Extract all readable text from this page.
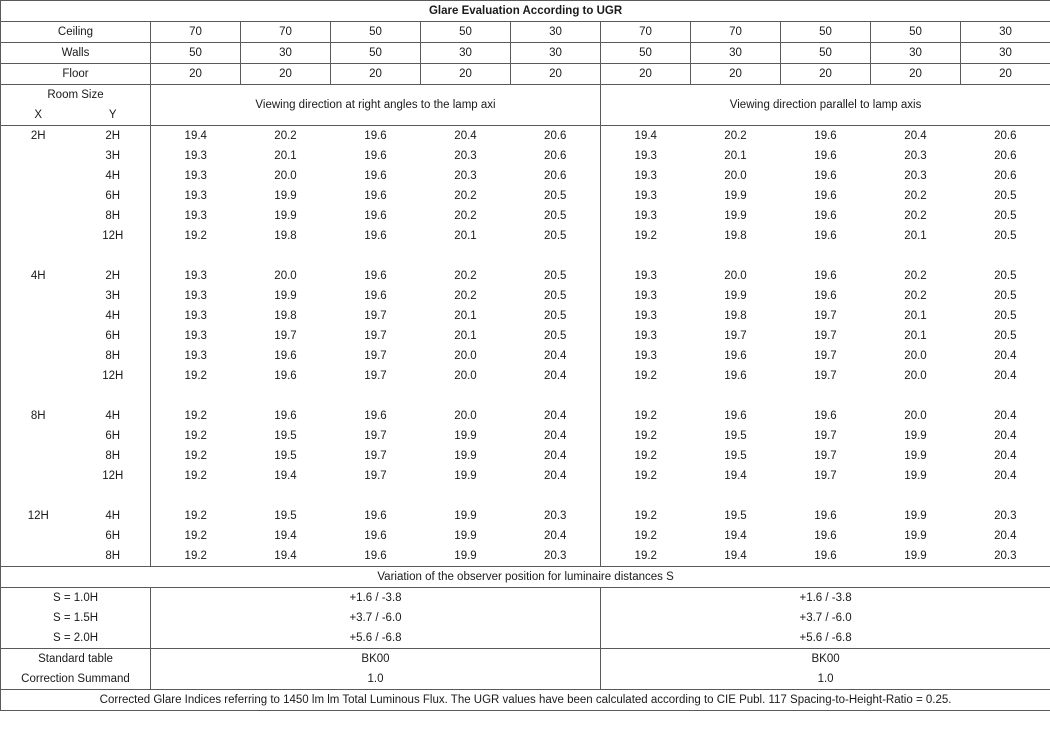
Glare Evaluation According to UGR											
Ceiling		70	70	50	50	30	70	70	50	50	30
Walls		50	30	50	30	30	50	30	50	30	30
Floor		20	20	20	20	20	20	20	20	20	20
Room Size		Viewing direction at right angles to the lamp axi					Viewing direction parallel to lamp axis				
X	Y										
2H	2H	19.4	20.2	19.6	20.4	20.6	19.4	20.2	19.6	20.4	20.6
	3H	19.3	20.1	19.6	20.3	20.6	19.3	20.1	19.6	20.3	20.6
	4H	19.3	20.0	19.6	20.3	20.6	19.3	20.0	19.6	20.3	20.6
	6H	19.3	19.9	19.6	20.2	20.5	19.3	19.9	19.6	20.2	20.5
	8H	19.3	19.9	19.6	20.2	20.5	19.3	19.9	19.6	20.2	20.5
	12H	19.2	19.8	19.6	20.1	20.5	19.2	19.8	19.6	20.1	20.5

4H	2H	19.3	20.0	19.6	20.2	20.5	19.3	20.0	19.6	20.2	20.5
	3H	19.3	19.9	19.6	20.2	20.5	19.3	19.9	19.6	20.2	20.5
	4H	19.3	19.8	19.7	20.1	20.5	19.3	19.8	19.7	20.1	20.5
	6H	19.3	19.7	19.7	20.1	20.5	19.3	19.7	19.7	20.1	20.5
	8H	19.3	19.6	19.7	20.0	20.4	19.3	19.6	19.7	20.0	20.4
	12H	19.2	19.6	19.7	20.0	20.4	19.2	19.6	19.7	20.0	20.4

8H	4H	19.2	19.6	19.6	20.0	20.4	19.2	19.6	19.6	20.0	20.4
	6H	19.2	19.5	19.7	19.9	20.4	19.2	19.5	19.7	19.9	20.4
	8H	19.2	19.5	19.7	19.9	20.4	19.2	19.5	19.7	19.9	20.4
	12H	19.2	19.4	19.7	19.9	20.4	19.2	19.4	19.7	19.9	20.4

12H	4H	19.2	19.5	19.6	19.9	20.3	19.2	19.5	19.6	19.9	20.3
	6H	19.2	19.4	19.6	19.9	20.4	19.2	19.4	19.6	19.9	20.4
	8H	19.2	19.4	19.6	19.9	20.3	19.2	19.4	19.6	19.9	20.3
Variation of the observer position for luminaire distances S											
S = 1.0H		+1.6 / -3.8					+1.6 / -3.8				
S = 1.5H		+3.7 / -6.0					+3.7 / -6.0				
S = 2.0H		+5.6 / -6.8					+5.6 / -6.8				
Standard table		BK00					BK00				
Correction Summand		1.0					1.0				
Corrected Glare Indices referring to 1450 lm lm Total Luminous Flux. The UGR values have been calculated according to CIE Publ. 117 Spacing-to-Height-Ratio = 0.25.											
